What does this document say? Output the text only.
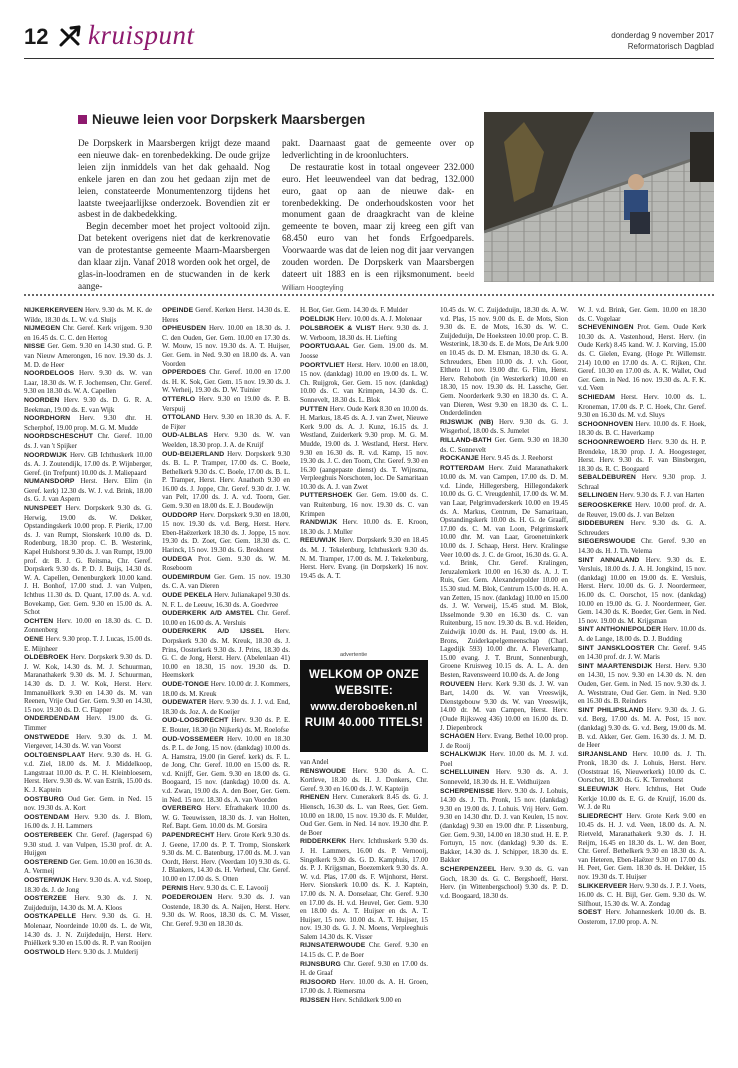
12 kruispunt	donderdag 9 november 2017
Reformatorisch Dagblad
Nieuwe leien voor Dorpskerk Maarsbergen

De Dorpskerk in Maarsbergen krijgt deze maand een nieuwe dak- en torenbedekking. De oude grijze leien zijn inmiddels van het dak gehaald. Nog enkele jaren en dan zou het gedaan zijn met de leien, constateerde Monumentenzorg tijdens het laatste tweejaarlijkse onderzoek. Bovendien zit er asbest in de dakbedekking.

Begin december moet het project voltooid zijn. Dat betekent overigens niet dat de kerkrenovatie van de protestantse gemeente Maarn-Maarsbergen dan klaar zijn. Vanaf 2018 worden ook het orgel, de glas-in-loodramen en de stucwanden in de kerk aange-

pakt. Daarnaast gaat de gemeente over op ledverlichting in de kroonluchters.

De restauratie kost in totaal ongeveer 232.000 euro. Het leeuwendeel van dat bedrag, 132.000 euro, gaat op aan de nieuwe dak- en torenbedekking. De onderhoudskosten voor het monument gaan de draagkracht van de kleine gemeente te boven, maar zij kreeg een gift van 68.450 euro van het fonds Erfgoedparels. Voorwaarde was dat de leien nog dit jaar vervangen zouden worden. De Dorpskerk van Maarsbergen dateert uit 1883 en is een rijksmonument. beeld William Hoogteyling

NIJKERKERVEEN Herv. 9.30 ds. M. K. de Wilde, 18.30 ds. L. W. v.d. Sluijs

NIJMEGEN Chr. Geref. Kerk vrijgem. 9.30 en 16.45 ds. C. C. den Hertog

NISSE Ger. Gem. 9.30 en 14.30 stud. G. P. van Nieuw Amerongen, 16 nov. 19.30 ds. J. M. D. de Heer

NOORDELOOS Herv. 9.30 ds. W. van Laar, 18.30 ds. W. F. Jochemsen, Chr. Geref. 9.30 en 18.30 ds. W. A. Capellen

NOORDEN Herv. 9.30 ds. D. G. R. A. Beekman, 19.00 ds. E. van Wijk

NOORDHORN Herv. 9.30 dhr. H. Scherphof, 19.00 prop. M. G. M. Mudde

NOORDSCHESCHUT Chr. Geref. 10.00 ds. J. van 't Spijker

NOORDWIJK Herv. GB Ichthuskerk 10.00 ds. A. J. Zoutendijk, 17.00 ds. P. Wijnberger, Geref. (in Trefpunt) 10.00 ds. J. Maliepaard

NUMANSDORP Herst. Herv. Elim (in Geref. kerk) 12.30 ds. W. J. v.d. Brink, 18.00 ds. G. J. van Aspern

NUNSPEET Herv. Dorpskerk 9.30 ds. G. Herwig, 19.00 ds. W. Dekker, Opstandingskerk 10.00 prop. F. Pierik, 17.00 ds. J. van Rumpt, Sionskerk 10.00 ds. D. Rodenburg, 18.30 prop. C. B. Westerink, Kapel Hulshorst 9.30 ds. J. van Rumpt, 19.00 prof. dr. B. J. G. Reitsma, Chr. Geref. Dorpskerk 9.30 ds. P. D. J. Buijs, 14.30 ds. W. A. Capellen, Oenenburgkerk 10.00 kand. J. H. Bonhof, 17.00 stud. J. van Vulpen, Ichthus 11.30 ds. D. Quant, 17.00 ds. A. v.d. Bovekamp, Ger. Gem. 9.30 en 15.00 ds. A. Schot

OCHTEN Herv. 10.00 en 18.30 ds. C. D. Zonnenberg

OENE Herv. 9.30 prop. T. J. Lucas, 15.00 ds. E. Mijnheer

OLDEBROEK Herv. Dorpskerk 9.30 ds. D. J. W. Kok, 14.30 ds. M. J. Schuurman, Maranathakerk 9.30 ds. M. J. Schuurman, 14.30 ds. D. J. W. Kok, Herst. Herv. Immanuëlkerk 9.30 en 14.30 ds. M. van Reenen, Vrije Oud Ger. Gem. 9.30 en 14.30, 15 nov. 19.30 ds. D. C. Flapper

ONDERDENDAM Herv. 19.00 ds. G. Timmer

ONSTWEDDE Herv. 9.30 ds. J. M. Viergever, 14.30 ds. W. van Voorst

OOLTGENSPLAAT Herv. 9.30 ds. H. G. v.d. Ziel, 18.00 ds. M. J. Middelkoop, Langstraat 10.00 ds. P. C. H. Kleinbloesem, Herst. Herv. 9.30 ds. W. van Estrik, 15.00 ds. K. J. Kaptein

OOSTBURG Oud Ger. Gem. in Ned. 15 nov. 19.30 ds. A. Kort

OOSTENDAM Herv. 9.30 ds. J. Blom, 16.00 ds. J. H. Lammers

OOSTERBEEK Chr. Geref. (Jagerspad 6) 9.30 stud. J. van Vulpen, 15.30 prof. dr. A. Huijgen

OOSTEREND Ger. Gem. 10.00 en 16.30 ds. A. Vermeij

OOSTERWIJK Herv. 9.30 ds. A. v.d. Stoep, 18.30 ds. J. de Jong

OOSTERZEE Herv. 9.30 ds. J. N. Zuijdeduijn, 14.30 ds. M. A. Kloos

OOSTKAPELLE Herv. 9.30 ds. G. H. Molenaar, Noordeinde 10.00 ds. L. de Wit, 14.30 ds. J. N. Zuijdeduijn, Herst. Herv. Pniëlkerk 9.30 en 15.00 ds. R. P. van Rooijen

OOSTWOLD Herv. 9.30 ds. J. Mulderij

OPEINDE Geref. Kerken Herst. 14.30 ds. E. Heres

OPHEUSDEN Herv. 10.00 en 18.30 ds. J. C. den Ouden, Ger. Gem. 10.00 en 17.30 ds. W. Mouw, 15 nov. 19.30 ds. A. T. Huijser, Ger. Gem. in Ned. 9.30 en 18.00 ds. A. van Voorden

OPPERDOES Chr. Geref. 10.00 en 17.00 ds. H. K. Sok, Ger. Gem. 15 nov. 19.30 ds. J. W. Verheij, 19.30 ds. D. W. Tuinier

OTTERLO Herv. 9.30 en 19.00 ds. P. B. Verspuij

OTTOLAND Herv. 9.30 en 18.30 ds. A. F. de Fijter

OUD-ALBLAS Herv. 9.30 ds. W. van Weelden, 18.30 prop. J. A. de Kruijf

OUD-BEIJERLAND Herv. Dorpskerk 9.30 ds. B. L. P. Tramper, 17.00 ds. C. Boele, Bethelkerk 9.30 ds. C. Boele, 17.00 ds. B. L. P. Tramper, Herst. Herv. Anathoth 9.30 en 16.00 ds. J. Joppe, Chr. Geref. 9.30 dr. J. W. van Pelt, 17.00 ds. J. A. v.d. Toorn, Ger. Gem. 9.30 en 18.00 ds. E. J. Boudewijn

OUDDORP Herv. Dorpskerk 9.30 en 18.00, 15 nov. 19.30 ds. v.d. Berg, Herst. Herv. Eben-Haëzerkerk 18.30 ds. J. Joppe, 15 nov. 19.30 ds. D. Zoet, Ger. Gem. 18.30 ds. C. Harinck, 15 nov. 19.30 ds. G. Brokhorst

OUDEGA Prot. Gem. 9.30 ds. W. M. Roseboom

OUDEMIRDUM Ger. Gem. 15 nov. 19.30 ds. C. A. van Dieren

OUDE PEKELA Herv. Julianakapel 9.30 ds. N. F. L. de Leeuw, 16.30 ds. A. Goedvree

OUDERKERK A/D AMSTEL Chr. Geref. 10.00 en 16.00 ds. A. Versluis

OUDERKERK A/D IJSSEL Herv. Dorpskerk 9.30 ds. M. Kreuk, 18.30 ds. J. Prins, Oosterkerk 9.30 ds. J. Prins, 18.30 ds. G. C. de Jong, Herst. Herv. (Abelenlaan 41) 10.00 en 18.30, 15 nov. 19.30 ds. D. Heemskerk

OUDE-TONGE Herv. 10.00 dr. J. Kommers, 18.00 ds. M. Kreuk

OUDEWATER Herv. 9.30 ds. J. J. v.d. End, 18.30 ds. Joz. A. de Koeijer

OUD-LOOSDRECHT Herv. 9.30 ds. P. E. E. Bouter, 18.30 (in Nijkerk) ds. M. Roelofse

OUD-VOSSEMEER Herv. 10.00 en 18.30 ds. P. L. de Jong, 15 nov. (dankdag) 10.00 ds. A. Hamstra, 19.00 (in Geref. kerk) ds. F. L. de Jong, Chr. Geref. 10.00 en 15.00 ds. R. v.d. Knijff, Ger. Gem. 9.30 en 18.00 ds. G. Boogaard, 15 nov. (dankdag) 10.00 ds. A. v.d. Zwan, 19.00 ds. A. den Boer, Ger. Gem. in Ned. 15 nov. 18.30 ds. A. van Voorden

OVERBERG Herv. Efrathakerk 10.00 ds. W. G. Teeuwissen, 18.30 ds. J. van Holten, Ref. Bapt. Gem. 10.00 ds. M. Gorsira

PAPENDRECHT Herv. Grote Kerk 9.30 ds. J. Geene, 17.00 ds. P. T. Tromp, Sionskerk 9.30 ds. M. C. Batenburg, 17.00 ds. M. J. van Oordt, Herst. Herv. (Veerdam 10) 9.30 ds. G. J. Blankers, 14.30 ds. H. Verheul, Chr. Geref. 10.00 en 17.00 ds. S. Otten

PERNIS Herv. 9.30 ds. C. E. Lavooij

POEDEROIJEN Herv. 9.30 ds. J. van Oostende, 18.30 ds. A. Naijen, Herst. Herv. 9.30 ds. W. Roos, 18.30 ds. C. M. Visser, Chr. Geref. 9.30 en 18.30 ds.

H. Bor, Ger. Gem. 14.30 ds. F. Mulder

POELDIJK Herv. 10.00 ds. A. J. Molenaar

POLSBROEK & VLIST Herv. 9.30 ds. J. W. Verboom, 18.30 ds. H. Liefting

POORTUGAAL Ger. Gem. 19.00 ds. M. Joosse

POORTVLIET Herst. Herv. 10.00 en 18.00, 15 nov. (dankdag) 10.00 en 19.00 ds. L. W. Ch. Ruijgrok, Ger. Gem. 15 nov. (dankdag) 10.00 ds. C. van Krimpen, 14.30 ds. C. Sonnevelt, 18.30 ds. L. Blok

PUTTEN Herv. Oude Kerk 8.30 en 10.00 ds. H. Markus, 18.45 ds. A. J. van Zwet, Nieuwe Kerk 9.00 ds. A. J. Kunz, 16.15 ds. J. Westland, Zuiderkerk 9.30 prop. M. G. M. Mudde, 19.00 ds. J. Westland, Herst. Herv. 9.30 en 16.30 ds. R. v.d. Kamp, 15 nov. 19.30 ds. J. C. den Toom, Chr. Geref. 9.30 en 16.30 (aangepaste dienst) ds. T. Wijnsma, Verpleeghuis Norschoten, loc. De Samaritaan 10.30 ds. A. J. van Zwet

PUTTERSHOEK Ger. Gem. 19.00 ds. C. van Ruitenburg, 16 nov. 19.30 ds. C. van Krimpen

RANDWIJK Herv. 10.00 ds. E. Kroon, 18.30 ds. J. Muller

REEUWIJK Herv. Dorpskerk 9.30 en 18.45 ds. M. J. Tekelenburg, Ichthuskerk 9.30 ds. N. M. Tramper, 17.00 ds. M. J. Tekelenburg, Herst. Herv. Evang. (in Dorpskerk) 16 nov. 19.45 ds. A. T.

van Andel

RENSWOUDE Herv. 9.30 ds. A. C. Kortleve, 18.30 ds. H. J. Donkers, Chr. Geref. 9.30 en 16.00 ds. J. W. Kapteijn

RHENEN Herv. Cunerakerk 8.45 ds. G. J. Hiensch, 16.30 ds. L. van Rees, Ger. Gem. 10.00 en 18.00, 15 nov. 19.30 ds. F. Mulder, Oud Ger. Gem. in Ned. 14 nov. 19.30 dhr. P. de Boer

RIDDERKERK Herv. Ichthuskerk 9.30 ds. J. H. Lammers, 16.00 ds. P. Vernooij, Singelkerk 9.30 ds. G. D. Kamphuis, 17.00 ds. P. J. Krijgsman, Boezemkerk 9.30 ds. A. W. v.d. Plas, 17.00 ds. F. Wijnhorst, Herst. Herv. Sionskerk 10.00 ds. K. J. Kaptein, 17.00 ds. N. A. Donselaar, Chr. Geref. 9.30 en 17.00 ds. H. v.d. Heuvel, Ger. Gem. 9.30 en 18.00 ds. A. T. Huijser en ds. A. T. Huijser, 15 nov. 10.00 ds. A. T. Huijser, 15 nov. 19.30 ds. G. J. N. Moens, Verpleeghuis Salem 14.30 ds. K. Visser

RIJNSATERWOUDE Chr. Geref. 9.30 en 14.15 ds. C. P. de Boer

RIJNSBURG Chr. Geref. 9.30 en 17.00 ds. H. de Graaf

RIJSOORD Herv. 10.00 ds. A. H. Groen, 17.00 ds. J. Riemersma

RIJSSEN Herv. Schildkerk 9.00 en

10.45 ds. W. C. Zuijdeduijn, 18.30 ds. A. W. v.d. Plas, 15 nov. 9.00 ds. E. de Mots, Sion 9.30 ds. E. de Mots, 16.30 ds. W. C. Zuijdeduijn, De Hoeksteen 10.00 prop. C. B. Westerink, 18.30 ds. E. de Mots, De Ark 9.00 en 10.45 ds. D. M. Elsman, 18.30 ds. G. A. Schreuders, Eben 10.00 ds. J. v.h. Goor, Eltheto 11 nov. 19.00 dhr. G. Flim, Herst. Herv. Rehoboth (in Westerkerk) 10.00 en 18.30, 15 nov. 19.30 ds. H. Lassche, Ger. Gem. Noorderkerk 9.30 en 18.30 ds. C. A. van Dieren, West 9.30 en 18.30 ds. C. L. Onderdelinden

RIJSWIJK (NB) Herv. 9.30 ds. G. J. Wisgerhof, 18.00 ds. S. Jumelet

RILLAND-BATH Ger. Gem. 9.30 en 18.30 ds. C. Sonnevelt

ROCKANJE Herv. 9.45 ds. J. Reehorst

ROTTERDAM Herv. Zuid Maranathakerk 10.00 ds. M. van Campen, 17.00 ds. D. M. v.d. Linde, Hillegersberg, Hillegondakerk 10.00 ds. G. C. Vreugdenhil, 17.00 ds. W. M. van Laar, Pelgrimvaderskerk 10.00 en 19.45 ds. A. Markus, Centrum, De Samaritaan, Opstandingskerk 10.00 ds. H. G. de Graaff, 17.00 ds. C. M. van Loon, Pelgrimskerk 10.00 dhr. M. van Laar, Groenetuinkerk 10.00 ds. J. Schaap, Herst. Herv. Kralingse Veer 10.00 ds. J. C. de Groot, 16.30 ds. G. A. v.d. Brink, Chr. Geref. Kralingen, Jeruzalemkerk 10.00 en 16.30 ds. A. J. T. Ruis, Ger. Gem. Alexanderpolder 10.00 en 15.30 stud. M. Blok, Centrum 15.00 ds. H. A. van Zetten, 15 nov. (dankdag) 10.00 en 15.00 ds. J. W. Verweij, 15.45 stud. M. Blok, IJsselmonde 9.30 en 16.30 ds. C. van Ruitenburg, 15 nov. 19.30 ds. B. v.d. Heiden, Zuidwijk 10.00 ds. H. Paul, 19.00 ds. H. Brons, Zuiderkapelgemeenschap (Charl. Lagedijk 593) 10.00 dhr. A. Fleverkamp, 15.00 evang. J. T. Brunt, Sonnenburgh, Groene Kruisweg 10.15 ds. A. L. A. den Besten, Ravensweerd 10.00 ds. A. de Jong

ROUVEEN Herv. Kerk 9.30 ds. J. W. van Bart, 14.00 ds. W. van Vreeswijk, Dienstgebouw 9.30 ds. W. van Vreeswijk, 14.00 dr. M. van Campen, Herst. Herv. (Oude Rijksweg 436) 10.00 en 16.00 ds. D. J. Diepenbrock

SCHAGEN Herv. Evang. Bethel 10.00 prop. J. de Rooij

SCHALKWIJK Herv. 10.00 ds. M. J. v.d. Poel

SCHELLUINEN Herv. 9.30 ds. A. J. Sonneveld, 18.30 ds. H. E. Veldhuijzen

SCHERPENISSE Herv. 9.30 ds. J. Lohuis, 14.30 ds. J. Th. Pronk, 15 nov. (dankdag) 9.30 en 19.00 ds. J. Lohuis. Vrij Herv. Gem. 9.30 en 14.30 dhr. D. J. van Keulen, 15 nov. (dankdag) 9.30 en 19.00 dhr. P. Lissenburg, Ger. Gem. 9.30, 14.00 en 18.30 stud. H. E. P. Fortuyn, 15 nov. (dankdag) 9.30 ds. E. Bakker, 14.30 ds. J. Schipper, 18.30 ds. E. Bakker

SCHERPENZEEL Herv. 9.30 ds. G. van Goch, 18.30 ds. G. C. Bergshoeff, Herst. Herv. (in Wittenbergschool) 9.30 ds. P. D. v.d. Boogaard, 18.30 ds.

W. J. v.d. Brink, Ger. Gem. 10.00 en 18.30 ds. C. Vogelaar

SCHEVENINGEN Prot. Gem. Oude Kerk 10.30 ds. A. Vastenhoud, Herst. Herv. (in Oude Kerk) 8.45 kand. W. J. Korving, 15.00 ds. C. Gielen, Evang. (Hoge Pr. Willemstr. 214) 10.00 en 17.00 ds. A. C. Rijken, Chr. Geref. 10.30 en 17.00 ds. A. K. Wallet, Oud Ger. Gem. in Ned. 16 nov. 19.30 ds. A. F. K. v.d. Veen

SCHIEDAM Herst. Herv. 10.00 ds. L. Kroneman, 17.00 ds. P. C. Hoek, Chr. Geref. 9.30 en 16.30 ds. M. v.d. Sluys

SCHOONHOVEN Herv. 10.00 ds. F. Hoek, 18.30 ds. B. C. Haverkamp

SCHOONREWOERD Herv. 9.30 ds. H. P. Brendeke, 18.30 prop. J. A. Hoogesteger, Herst. Herv. 9.30 ds. F. van Binsbergen, 18.30 ds. R. C. Boogaard

SEBALDEBUREN Herv. 9.30 prop. J. Schraal

SELLINGEN Herv. 9.30 ds. F. J. van Harten

SEROOSKERKE Herv. 10.00 prof. dr. A. de Reuver, 19.00 ds. J. van Belzen

SIDDEBUREN Herv. 9.30 ds. G. A. Schreuders

SIEGERSWOUDE Chr. Geref. 9.30 en 14.30 ds. H. J. Th. Velema

SINT ANNALAND Herv. 9.30 ds. E. Versluis, 18.00 ds. J. A. H. Jongkind, 15 nov. (dankdag) 10.00 en 19.00 ds. E. Versluis, Herst. Herv. 10.00 ds. G. J. Noordermeer, 16.00 ds. C. Oorschot, 15 nov. (dankdag) 10.00 en 19.00 ds. G. J. Noordermeer, Ger. Gem. 14.30 ds. K. Boeder, Ger. Gem. in Ned. 15 nov. 19.00 ds. M. Krijgsman

SINT ANTHONIEPOLDER Herv. 10.00 ds. A. de Lange, 18.00 ds. D. J. Budding

SINT JANSKLOOSTER Chr. Geref. 9.45 en 14.30 prof. dr. J. W. Maris

SINT MAARTENSDIJK Herst. Herv. 9.30 en 14.30, 15 nov. 9.30 en 14.30 ds. N. den Ouden, Ger. Gem. in Ned. 15 nov. 9.30 ds. J. A. Weststrate, Oud Ger. Gem. in Ned. 9.30 en 16.30 ds. B. Reinders

SINT PHILIPSLAND Herv. 9.30 ds. J. G. v.d. Berg, 17.00 ds. M. A. Post, 15 nov. (dankdag) 9.30 ds. G. v.d. Berg, 19.00 ds. M. B. v.d. Akker, Ger. Gem. 16.30 ds. J. M. D. de Heer

SIRJANSLAND Herv. 10.00 ds. J. Th. Pronk, 18.30 ds. J. Lohuis, Herst. Herv. (Ooststraat 16, Nieuwerkerk) 10.00 ds. C. Oorschot, 18.30 ds. G. K. Terreehorst

SLEEUWIJK Herv. Ichthus, Het Oude Kerkje 10.00 ds. E. G. de Kruijf, 16.00 ds. W. J. de Ru

SLIEDRECHT Herv. Grote Kerk 9.00 en 10.45 ds. H. J. v.d. Veen, 18.00 ds. A. N. Rietveld, Maranathakerk 9.30 ds. J. H. Reijm, 16.45 en 18.30 ds. L. W. den Boer, Chr. Geref. Bethelkerk 9.30 en 18.30 ds. A. van Heteren, Eben-Haëzer 9.30 en 17.00 ds. H. Peet, Ger. Gem. 18.30 ds. H. Dekker, 15 nov. 19.30 ds. T. Huijser

SLIKKERVEER Herv. 9.30 ds. J. P. J. Voets, 16.00 ds. C. H. Bijl, Ger. Gem. 9.30 ds. W. Silfhout, 15.30 ds. W. A. Zondag

SOEST Herv. Johanneskerk 10.00 ds. B. Oosterom, 17.00 prop. A. N.

advertentie
WELKOM OP ONZE
WEBSITE:
www.deroboeken.nl
RUIM 40.000 TITELS!
